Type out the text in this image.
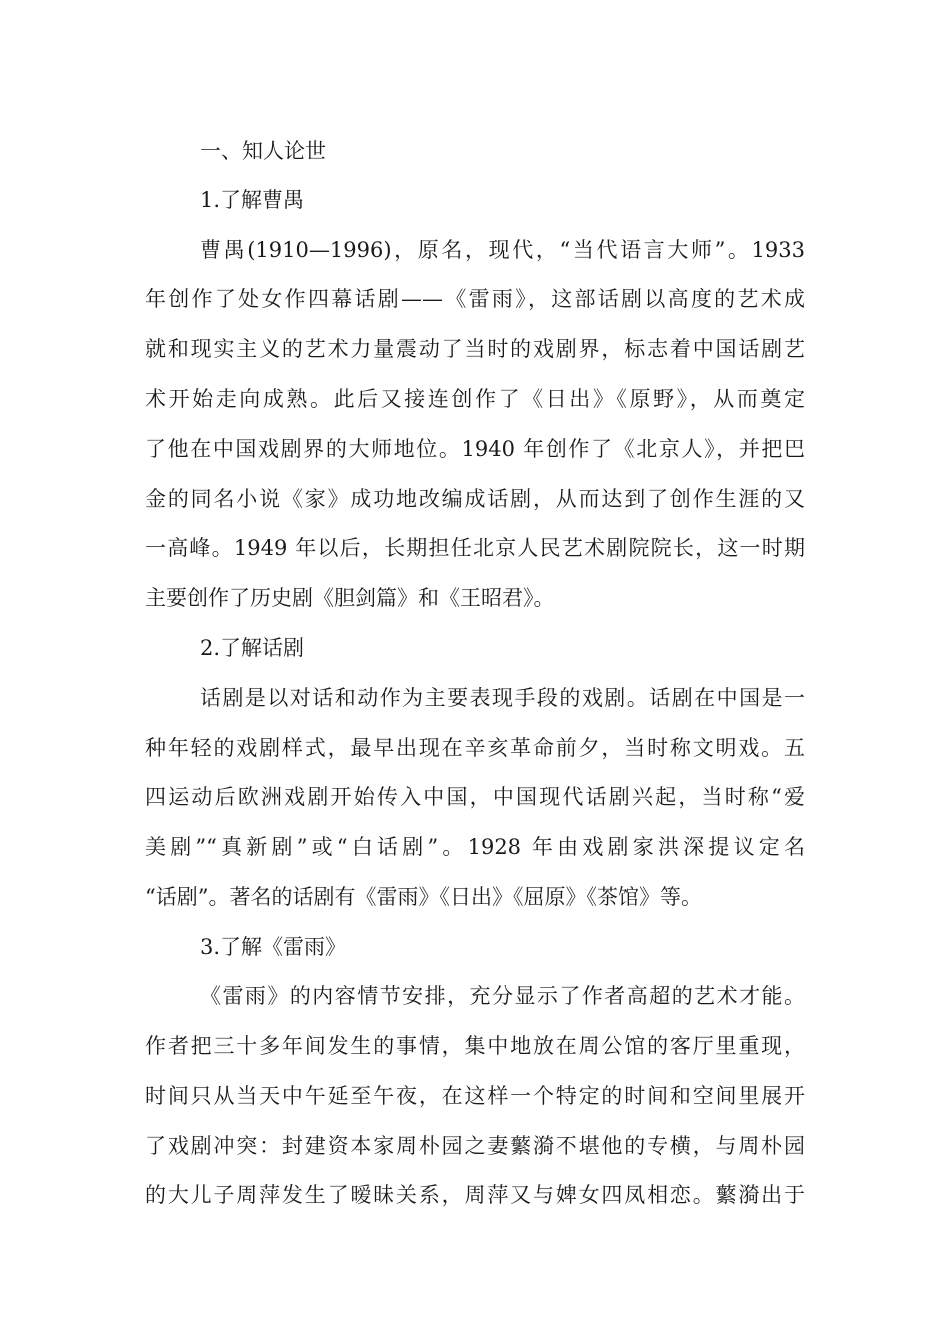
一、知人论世
1.了解曹禺
曹禺(1910—1996)，原名，现代，“当代语言大师”。1933
年创作了处女作四幕话剧——《雷雨》，这部话剧以高度的艺术成
就和现实主义的艺术力量震动了当时的戏剧界，标志着中国话剧艺
术开始走向成熟。此后又接连创作了《日出》《原野》，从而奠定
了他在中国戏剧界的大师地位。1940 年创作了《北京人》，并把巴
金的同名小说《家》成功地改编成话剧，从而达到了创作生涯的又
一高峰。1949 年以后，长期担任北京人民艺术剧院院长，这一时期
主要创作了历史剧《胆剑篇》和《王昭君》。
2.了解话剧
话剧是以对话和动作为主要表现手段的戏剧。话剧在中国是一
种年轻的戏剧样式，最早出现在辛亥革命前夕，当时称文明戏。五
四运动后欧洲戏剧开始传入中国，中国现代话剧兴起，当时称“爱
美剧”“真新剧”或“白话剧”。1928 年由戏剧家洪深提议定名
“话剧”。著名的话剧有《雷雨》《日出》《屈原》《茶馆》等。
3.了解《雷雨》
《雷雨》的内容情节安排，充分显示了作者高超的艺术才能。
作者把三十多年间发生的事情，集中地放在周公馆的客厅里重现，
时间只从当天中午延至午夜，在这样一个特定的时间和空间里展开
了戏剧冲突：封建资本家周朴园之妻蘩漪不堪他的专横，与周朴园
的大儿子周萍发生了暧昧关系，周萍又与婢女四凤相恋。蘩漪出于
